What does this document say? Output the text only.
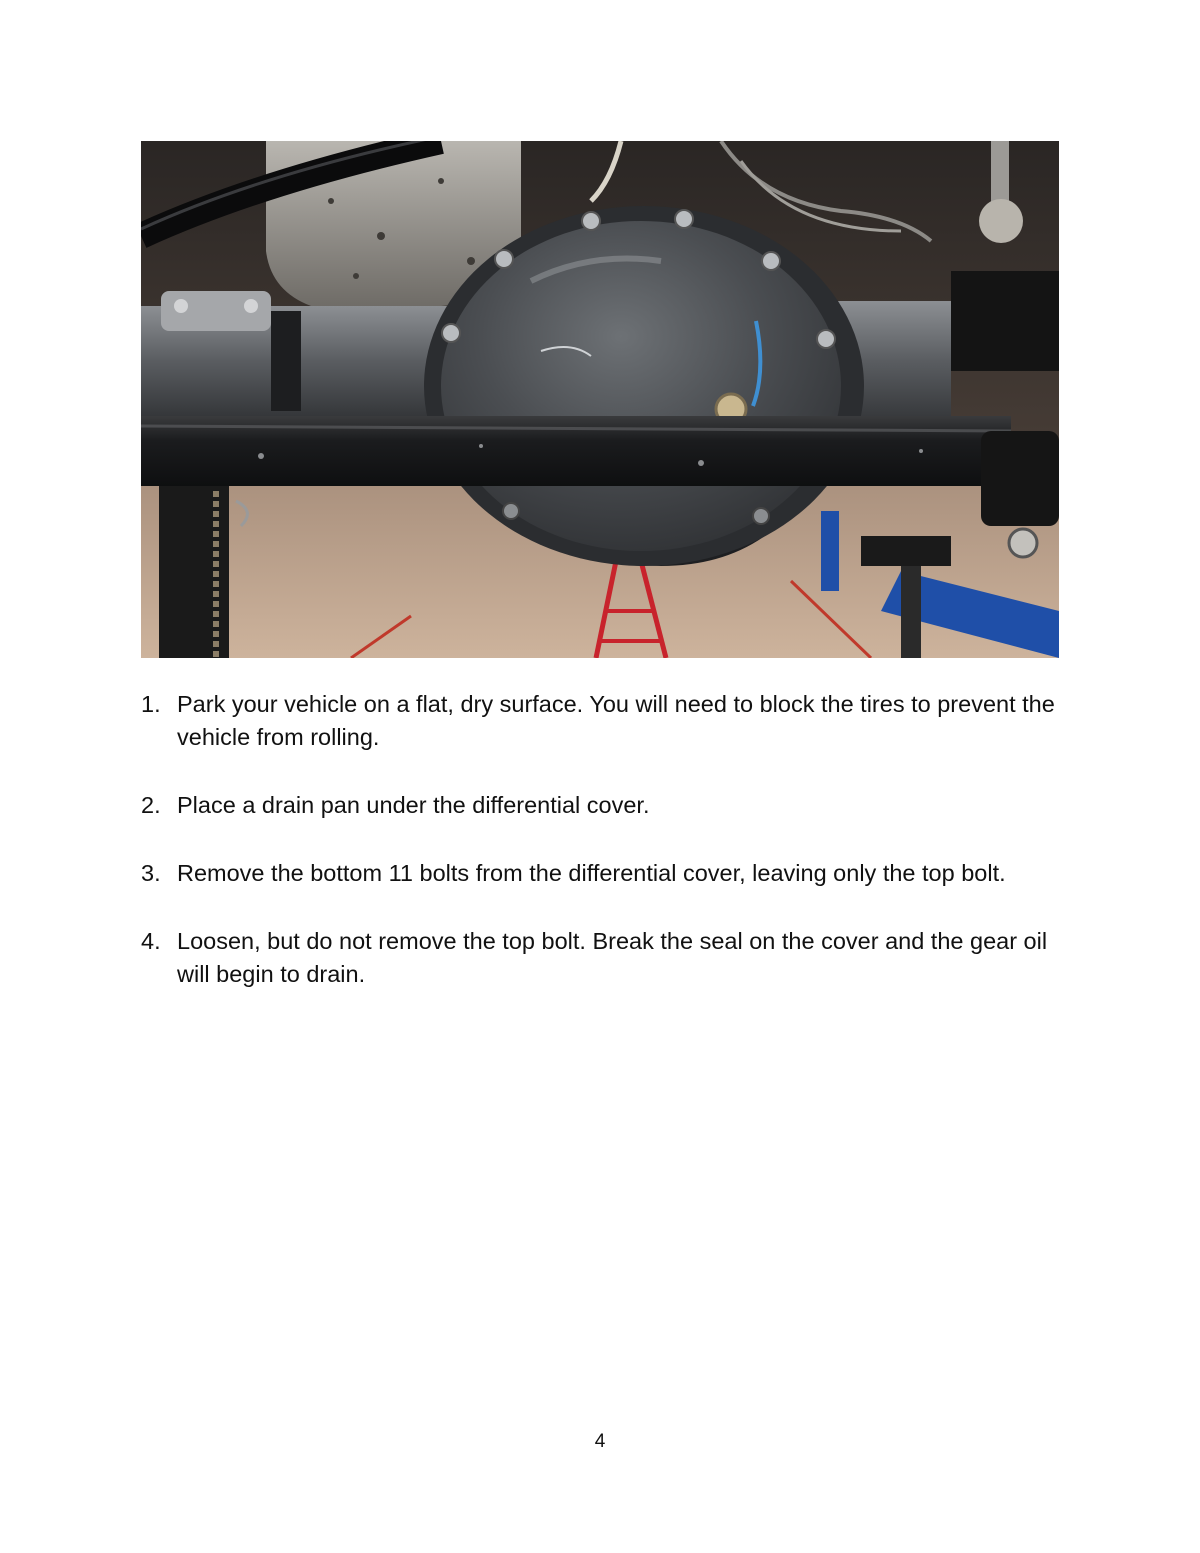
1. Park your vehicle on a flat, dry surface. You will need to block the tires to prevent the vehicle from rolling.
2. Place a drain pan under the differential cover.
3. Remove the bottom 11 bolts from the differential cover, leaving only the top bolt.
4. Loosen, but do not remove the top bolt. Break the seal on the cover and the gear oil will begin to drain.
4
